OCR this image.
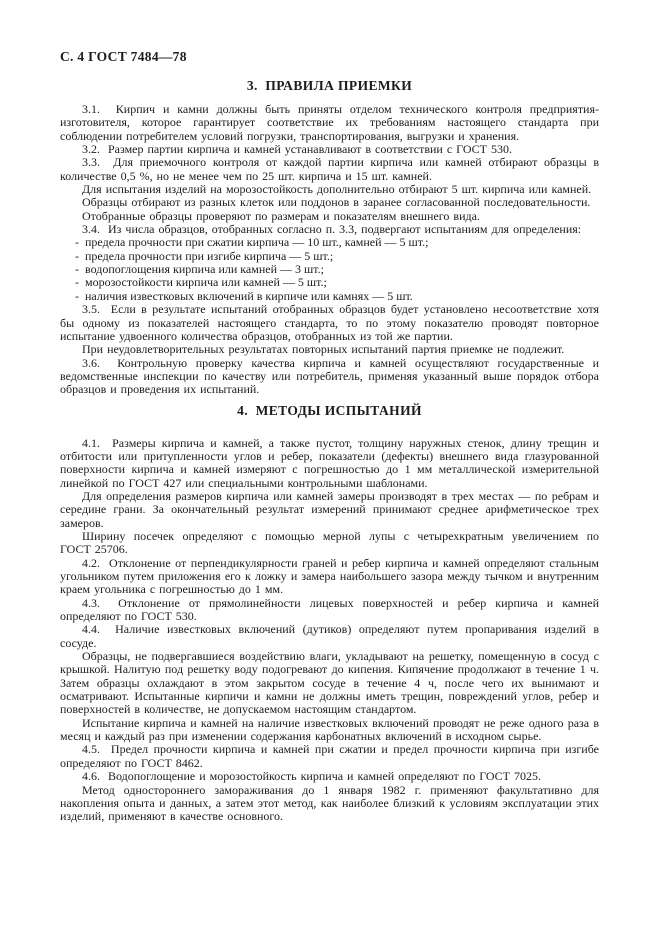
С. 4 ГОСТ 7484—78

3.  ПРАВИЛА ПРИЕМКИ

3.1.  Кирпич и камни должны быть приняты отделом технического контроля предприятия-изготовителя, которое гарантирует соответствие их требованиям настоящего стандарта при соблюдении потребителем условий погрузки, транспортирования, выгрузки и хранения.

3.2.  Размер партии кирпича и камней устанавливают в соответствии с ГОСТ 530.

3.3.  Для приемочного контроля от каждой партии кирпича или камней отбирают образцы в количестве 0,5 %, но не менее чем по 25 шт. кирпича и 15 шт. камней.

Для испытания изделий на морозостойкость дополнительно отбирают 5 шт. кирпича или камней.

Образцы отбирают из разных клеток или поддонов в заранее согласованной последовательности.

Отобранные образцы проверяют по размерам и показателям внешнего вида.

3.4.  Из числа образцов, отобранных согласно п. 3.3, подвергают испытаниям для определения:

-  предела прочности при сжатии кирпича — 10 шт., камней — 5 шт.;

-  предела прочности при изгибе кирпича — 5 шт.;

-  водопоглощения кирпича или камней — 3 шт.;

-  морозостойкости кирпича или камней — 5 шт.;

-  наличия известковых включений в кирпиче или камнях — 5 шт.

3.5.  Если в результате испытаний отобранных образцов будет установлено несоответствие хотя бы одному из показателей настоящего стандарта, то по этому показателю проводят повторное испытание удвоенного количества образцов, отобранных из той же партии.

При неудовлетворительных результатах повторных испытаний партия приемке не подлежит.

3.6.  Контрольную проверку качества кирпича и камней осуществляют государственные и ведомственные инспекции по качеству или потребитель, применяя указанный выше порядок отбора образцов и проведения их испытаний.

4.  МЕТОДЫ ИСПЫТАНИЙ

4.1.  Размеры кирпича и камней, а также пустот, толщину наружных стенок, длину трещин и отбитости или притупленности углов и ребер, показатели (дефекты) внешнего вида глазурованной поверхности кирпича и камней измеряют с погрешностью до 1 мм металлической измерительной линейкой по ГОСТ 427 или специальными контрольными шаблонами.

Для определения размеров кирпича или камней замеры производят в трех местах — по ребрам и середине грани. За окончательный результат измерений принимают среднее арифметическое трех замеров.

Ширину посечек определяют с помощью мерной лупы с четырехкратным увеличением по ГОСТ 25706.

4.2.  Отклонение от перпендикулярности граней и ребер кирпича и камней определяют стальным угольником путем приложения его к ложку и замера наибольшего зазора между тычком и внутренним краем угольника с погрешностью до 1 мм.

4.3.  Отклонение от прямолинейности лицевых поверхностей и ребер кирпича и камней определяют по ГОСТ 530.

4.4.  Наличие известковых включений (дутиков) определяют путем пропаривания изделий в сосуде.

Образцы, не подвергавшиеся воздействию влаги, укладывают на решетку, помещенную в сосуд с крышкой. Налитую под решетку воду подогревают до кипения. Кипячение продолжают в течение 1 ч. Затем образцы охлаждают в этом закрытом сосуде в течение 4 ч, после чего их вынимают и осматривают. Испытанные кирпичи и камни не должны иметь трещин, повреждений углов, ребер и поверхностей в количестве, не допускаемом настоящим стандартом.

Испытание кирпича и камней на наличие известковых включений проводят не реже одного раза в месяц и каждый раз при изменении содержания карбонатных включений в исходном сырье.

4.5.  Предел прочности кирпича и камней при сжатии и предел прочности кирпича при изгибе определяют по ГОСТ 8462.

4.6.  Водопоглощение и морозостойкость кирпича и камней определяют по ГОСТ 7025.

Метод одностороннего замораживания до 1 января 1982 г. применяют факультативно для накопления опыта и данных, а затем этот метод, как наиболее близкий к условиям эксплуатации этих изделий, применяют в качестве основного.
